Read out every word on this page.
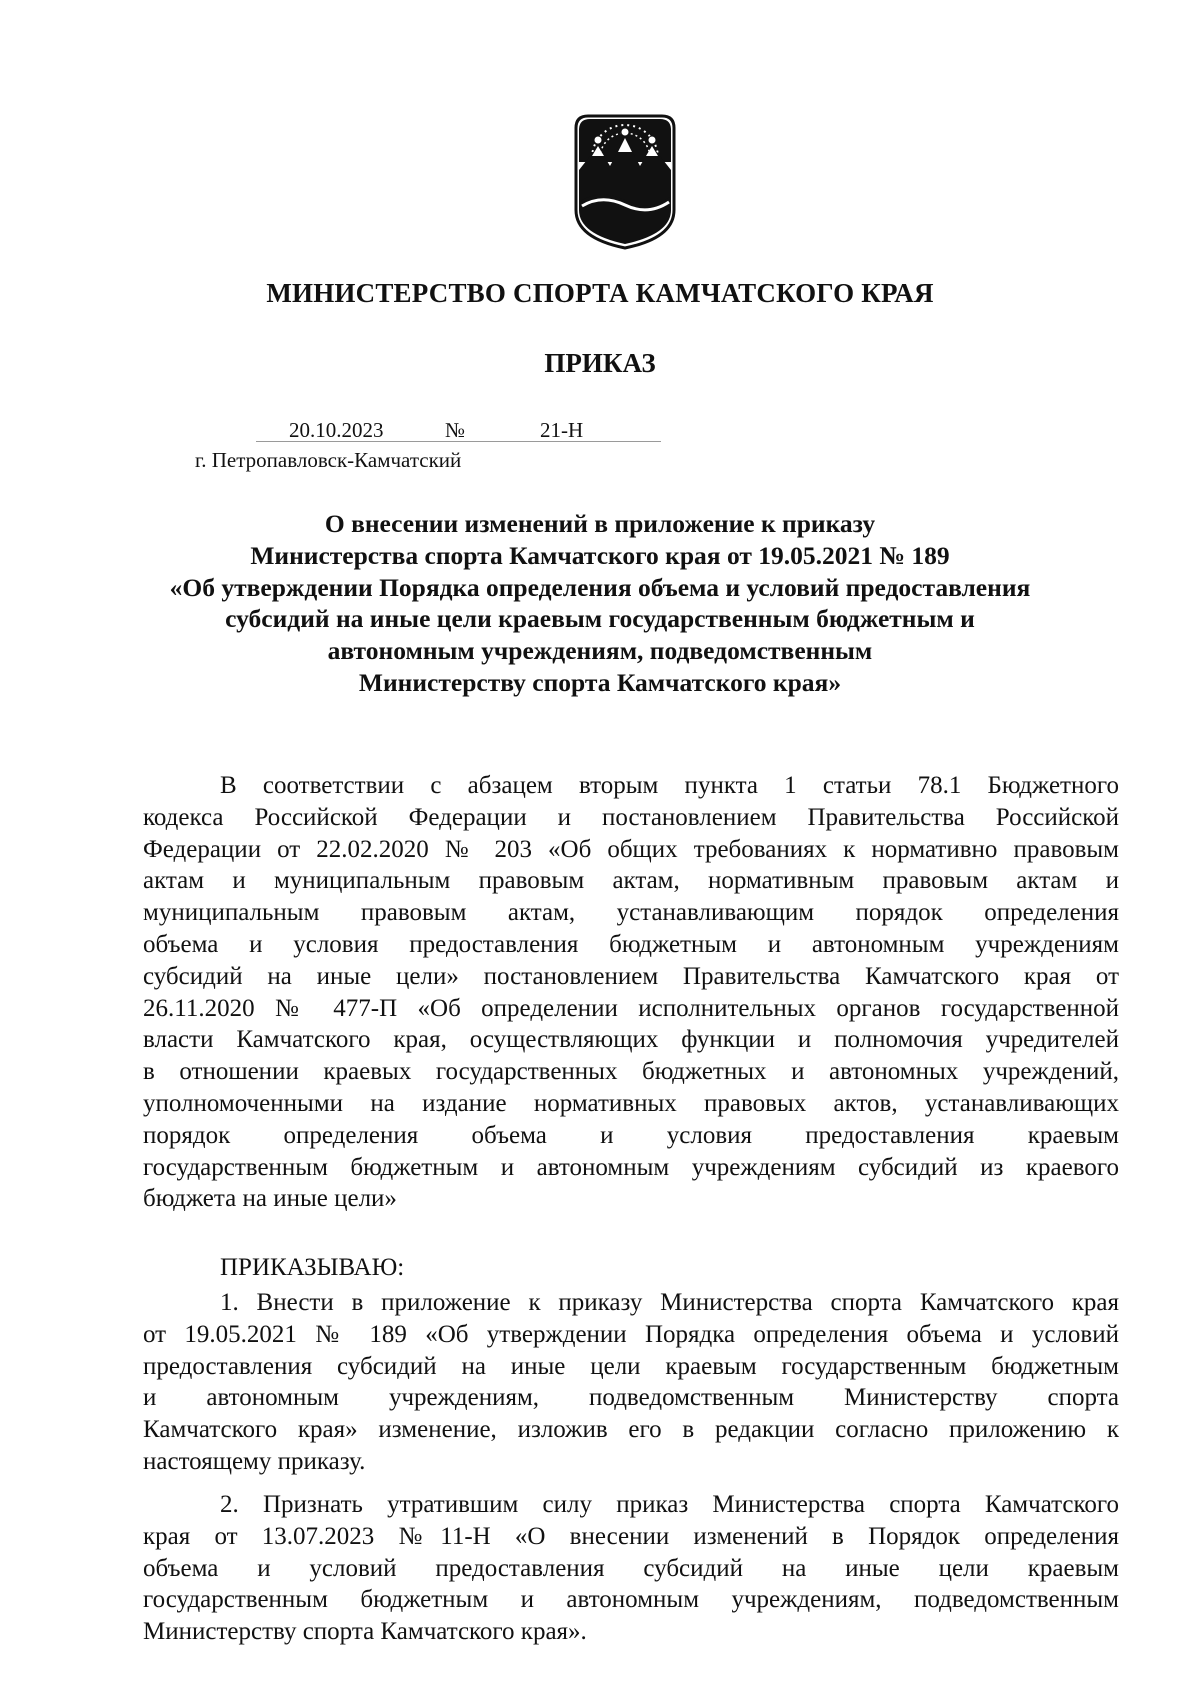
МИНИСТЕРСТВО СПОРТА КАМЧАТСКОГО КРАЯ
ПРИКАЗ
20.10.2023	№	21-Н
г. Петропавловск-Камчатский
О внесении изменений в приложение к приказу
Министерства спорта Камчатского края от 19.05.2021 № 189
«Об утверждении Порядка определения объема и условий предоставления
субсидий на иные цели краевым государственным бюджетным и
автономным учреждениям, подведомственным
Министерству спорта Камчатского края»
В соответствии с абзацем вторым пункта 1 статьи 78.1 Бюджетного
кодекса Российской Федерации и постановлением Правительства Российской
Федерации от 22.02.2020 № 203 «Об общих требованиях к нормативно правовым
актам и муниципальным правовым актам, нормативным правовым актам и
муниципальным правовым актам, устанавливающим порядок определения
объема и условия предоставления бюджетным и автономным учреждениям
субсидий на иные цели» постановлением Правительства Камчатского края от
26.11.2020 № 477-П «Об определении исполнительных органов государственной
власти Камчатского края, осуществляющих функции и полномочия учредителей
в отношении краевых государственных бюджетных и автономных учреждений,
уполномоченными на издание нормативных правовых актов, устанавливающих
порядок определения объема и условия предоставления краевым
государственным бюджетным и автономным учреждениям субсидий из краевого
бюджета на иные цели»
ПРИКАЗЫВАЮ:
1. Внести в приложение к приказу Министерства спорта Камчатского края
от 19.05.2021 № 189 «Об утверждении Порядка определения объема и условий
предоставления субсидий на иные цели краевым государственным бюджетным
и автономным учреждениям, подведомственным Министерству спорта
Камчатского края» изменение, изложив его в редакции согласно приложению к
настоящему приказу.
2. Признать утратившим силу приказ Министерства спорта Камчатского
края от 13.07.2023 №11-Н «О внесении изменений в Порядок определения
объема и условий предоставления субсидий на иные цели краевым
государственным бюджетным и автономным учреждениям, подведомственным
Министерству спорта Камчатского края».
